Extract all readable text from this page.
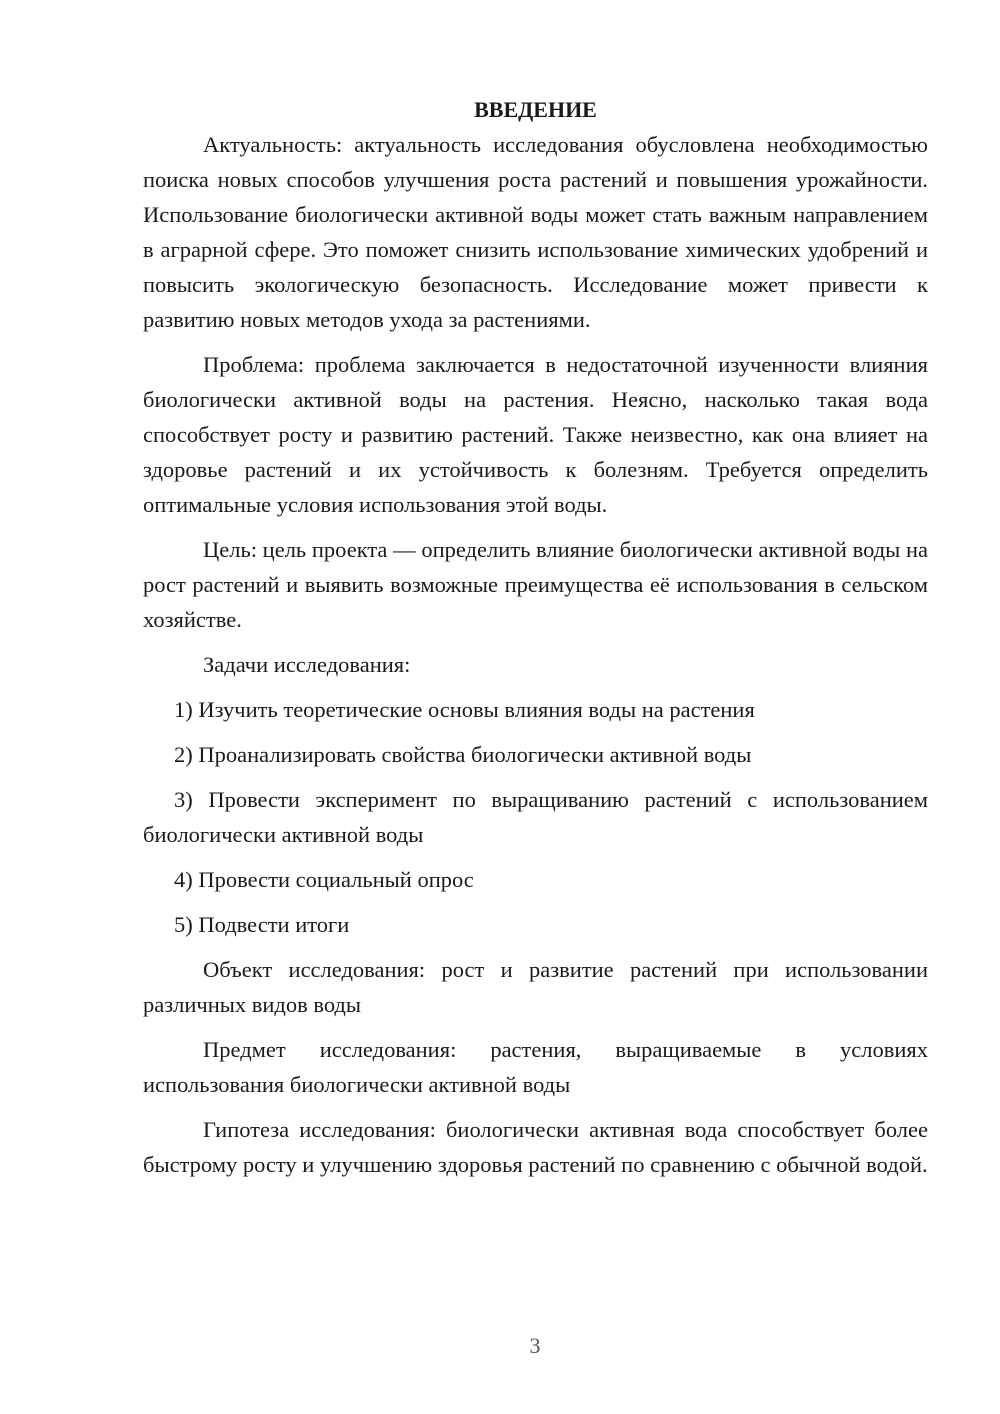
ВВЕДЕНИЕ

Актуальность: актуальность исследования обусловлена необходимостью поиска новых способов улучшения роста растений и повышения урожайности. Использование биологически активной воды может стать важным направлением в аграрной сфере. Это поможет снизить использование химических удобрений и повысить экологическую безопасность. Исследование может привести к развитию новых методов ухода за растениями.

Проблема: проблема заключается в недостаточной изученности влияния биологически активной воды на растения. Неясно, насколько такая вода способствует росту и развитию растений. Также неизвестно, как она влияет на здоровье растений и их устойчивость к болезням. Требуется определить оптимальные условия использования этой воды.

Цель: цель проекта — определить влияние биологически активной воды на рост растений и выявить возможные преимущества её использования в сельском хозяйстве.

Задачи исследования:

1) Изучить теоретические основы влияния воды на растения

2) Проанализировать свойства биологически активной воды

3) Провести эксперимент по выращиванию растений с использованием биологически активной воды

4) Провести социальный опрос

5) Подвести итоги

Объект исследования: рост и развитие растений при использовании различных видов воды

Предмет исследования: растения, выращиваемые в условиях использования биологически активной воды

Гипотеза исследования: биологически активная вода способствует более быстрому росту и улучшению здоровья растений по сравнению с обычной водой.

3
